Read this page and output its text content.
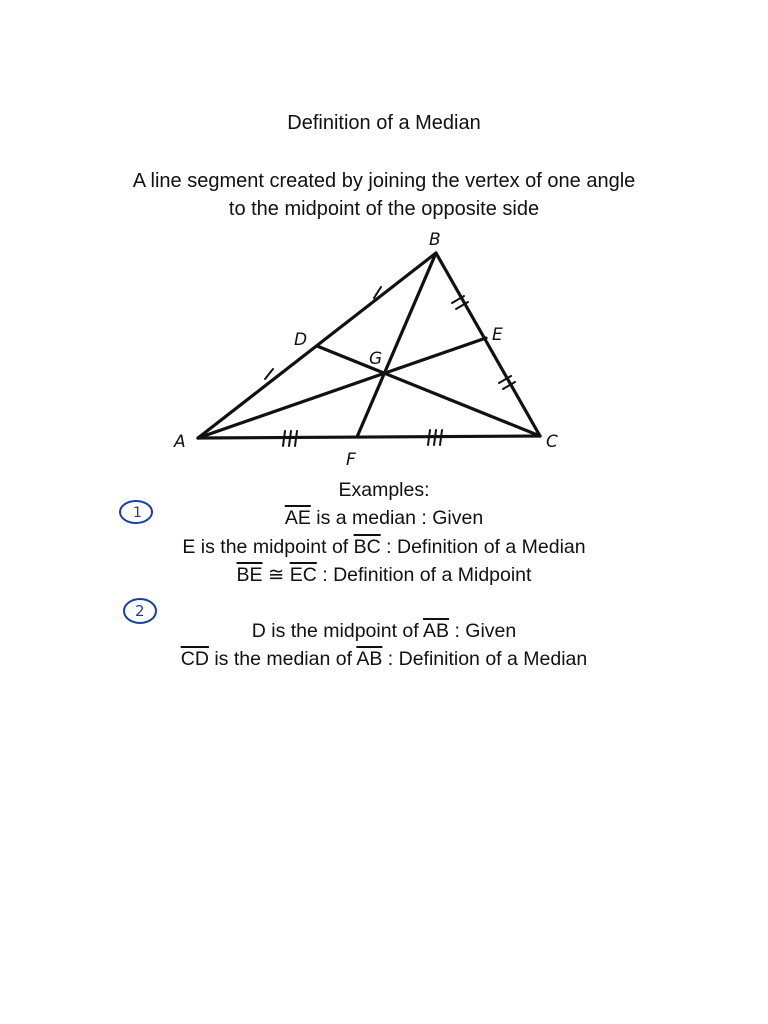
Definition of a Median
A line segment created by joining the vertex of one angle
to the midpoint of the opposite side
A
B
C
D	E
F
G
Examples:
$\overline{AE}$ is a median : Given
E is the midpoint of $\overline{BC}$ : Definition of a Median
$\overline{BE}$ ≅ $\overline{EC}$ : Definition of a Midpoint
D is the midpoint of $\overline{AB}$ : Given
$\overline{CD}$ is the median of $\overline{AB}$ : Definition of a Median
1
2
